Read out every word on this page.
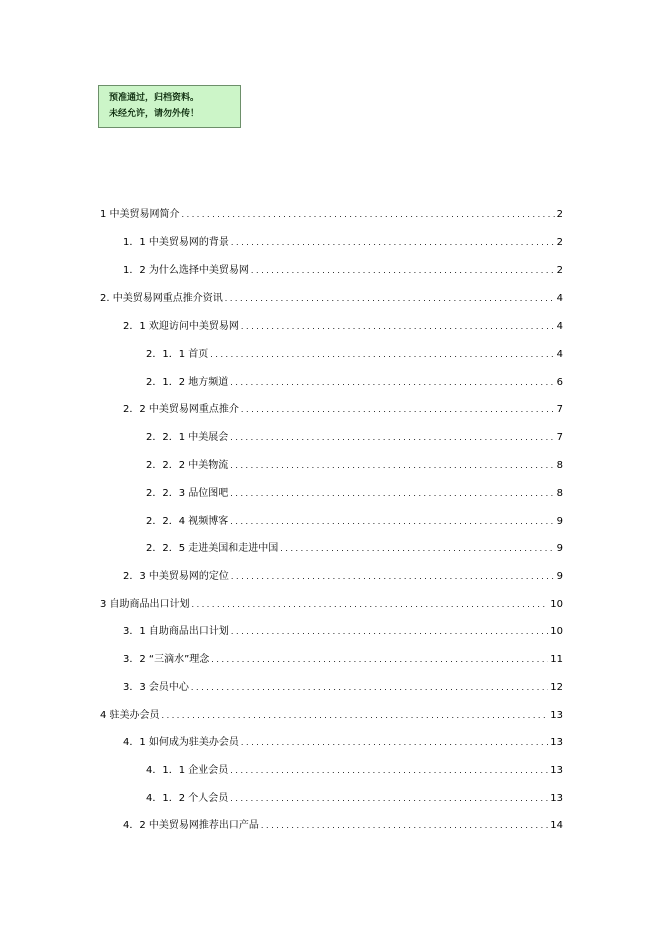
预准通过，归档资料。
未经允许，请勿外传！
1 中美贸易网简介 . . .	2
1．1 中美贸易网的背景 . . .	2
1．2 为什么选择中美贸易网 . . .	2
2. 中美贸易网重点推介资讯 . . .	4
2．1 欢迎访问中美贸易网 . . .	4
2．1．1 首页 . . .	4
2．1．2 地方频道 . . .	6
2．2 中美贸易网重点推介 . . .	7
2．2．1 中美展会 . . .	7
2．2．2 中美物流 . . .	8
2．2．3 品位图吧 . . .	8
2．2．4 视频博客 . . .	9
2．2．5 走进美国和走进中国 . . .	9
2．3 中美贸易网的定位 . . .	9
3 自助商品出口计划 . . .	10
3．1 自助商品出口计划 . . .	10
3．2 “三滴水”理念 . . .	11
3．3 会员中心 . . .	12
4 驻美办会员 . . .	13
4．1 如何成为驻美办会员 . . .	13
4．1．1 企业会员 . . .	13
4．1．2 个人会员 . . .	13
4．2 中美贸易网推荐出口产品 . . .	14
